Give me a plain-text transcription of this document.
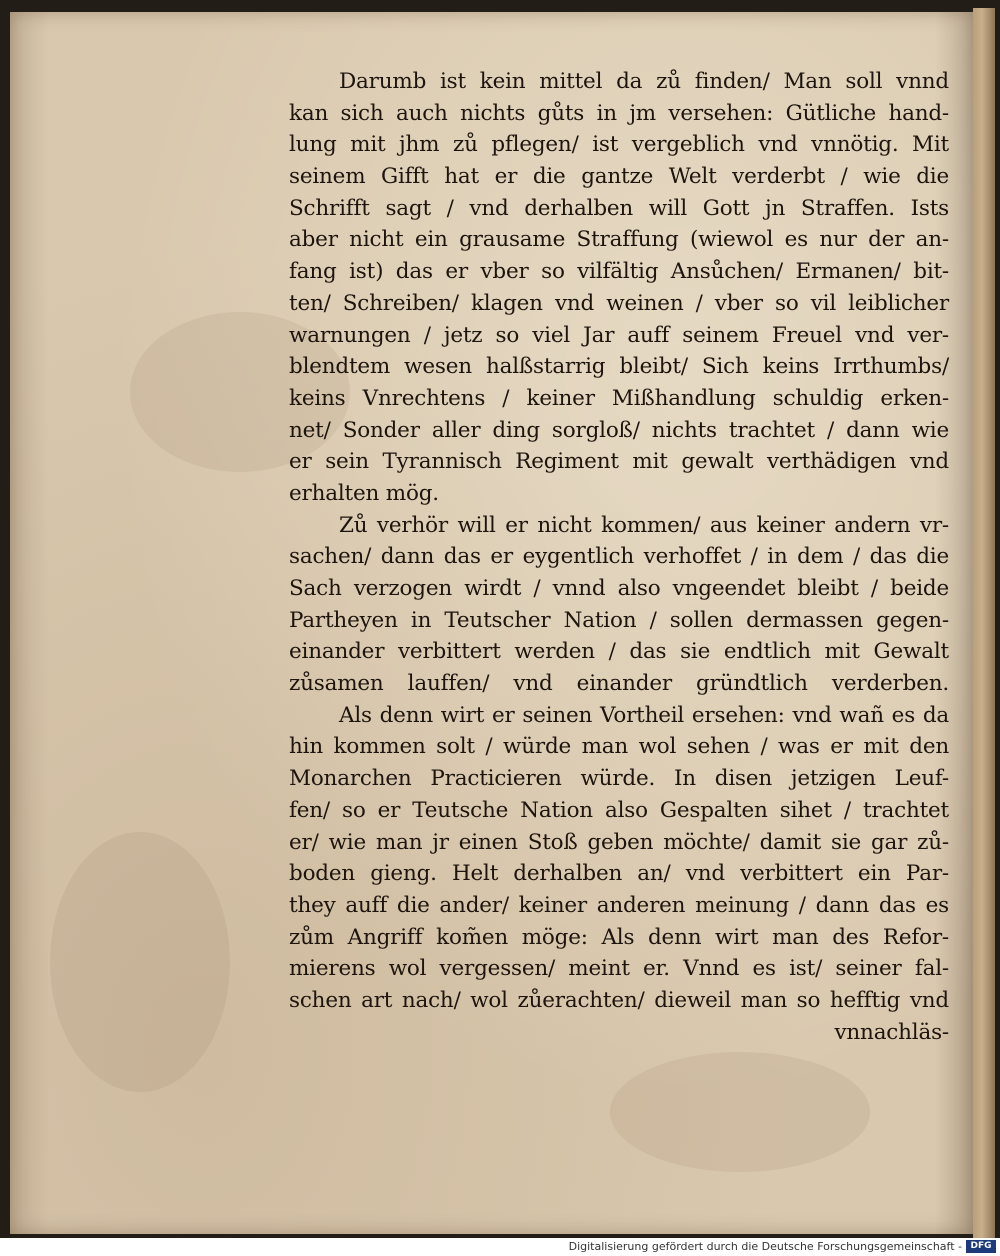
Darumb ist kein mittel da zů finden/ Man soll vnnd
kan sich auch nichts gůts in jm versehen: Gütliche hand-
lung mit jhm zů pflegen/ ist vergeblich vnd vnnötig. Mit
seinem Gifft hat er die gantze Welt verderbt / wie die
Schrifft sagt / vnd derhalben will Gott jn Straffen. Ists
aber nicht ein grausame Straffung (wiewol es nur der an-
fang ist) das er vber so vilfältig Ansůchen/ Ermanen/ bit-
ten/ Schreiben/ klagen vnd weinen / vber so vil leiblicher
warnungen / jetz so viel Jar auff seinem Freuel vnd ver-
blendtem wesen halßstarrig bleibt/ Sich keins Irrthumbs/
keins Vnrechtens / keiner Mißhandlung schuldig erken-
net/ Sonder aller ding sorgloß/ nichts trachtet / dann wie
er sein Tyrannisch Regiment mit gewalt verthädigen vnd
erhalten mög.
Zů verhör will er nicht kommen/ aus keiner andern vr-
sachen/ dann das er eygentlich verhoffet / in dem / das die
Sach verzogen wirdt / vnnd also vngeendet bleibt / beide
Partheyen in Teutscher Nation / sollen dermassen gegen-
einander verbittert werden / das sie endtlich mit Gewalt
zůsamen lauffen/ vnd einander gründtlich verderben.
Als denn wirt er seinen Vortheil ersehen: vnd wañ es da
hin kommen solt / würde man wol sehen / was er mit den
Monarchen Practicieren würde. In disen jetzigen Leuf-
fen/ so er Teutsche Nation also Gespalten sihet / trachtet
er/ wie man jr einen Stoß geben möchte/ damit sie gar zů-
boden gieng. Helt derhalben an/ vnd verbittert ein Par-
they auff die ander/ keiner anderen meinung / dann das es
zům Angriff kom̃en möge: Als denn wirt man des Refor-
mierens wol vergessen/ meint er. Vnnd es ist/ seiner fal-
schen art nach/ wol zůerachten/ dieweil man so hefftig vnd
vnnachläs-
Digitalisierung gefördert durch die Deutsche Forschungsgemeinschaft - DFG
